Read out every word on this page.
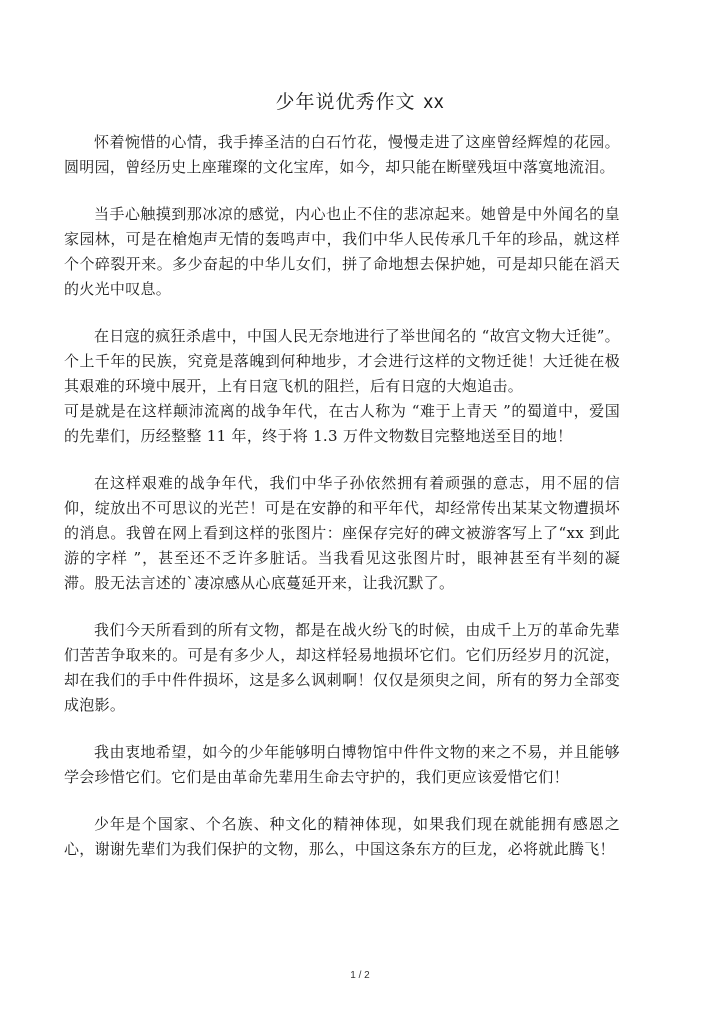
少年说优秀作文 xx

怀着惋惜的心情，我手捧圣洁的白石竹花，慢慢走进了这座曾经辉煌的花园。圆明园，曾经历史上座璀璨的文化宝库，如今，却只能在断壁残垣中落寞地流泪。

当手心触摸到那冰凉的感觉，内心也止不住的悲凉起来。她曾是中外闻名的皇家园林，可是在槍炮声无情的轰鸣声中，我们中华人民传承几千年的珍品，就这样个个碎裂开来。多少奋起的中华儿女们，拼了命地想去保护她，可是却只能在滔天的火光中叹息。

在日寇的疯狂杀虐中，中国人民无奈地进行了举世闻名的 “故宫文物大迁徙”。个上千年的民族，究竟是落魄到何种地步，才会进行这样的文物迁徙！大迁徙在极其艰难的环境中展开，上有日寇飞机的阻拦，后有日寇的大炮追击。

可是就是在这样颠沛流离的战争年代，在古人称为 “难于上青天 ”的蜀道中，爱国的先辈们，历经整整 11 年，终于将 1.3 万件文物数目完整地送至目的地！

在这样艰难的战争年代，我们中华子孙依然拥有着顽强的意志，用不屈的信仰，绽放出不可思议的光芒！可是在安静的和平年代，却经常传出某某文物遭损坏的消息。我曾在网上看到这样的张图片：座保存完好的碑文被游客写上了“xx 到此游的字样 ”，甚至还不乏许多脏话。当我看见这张图片时，眼神甚至有半刻的凝滞。股无法言述的`凄凉感从心底蔓延开来，让我沉默了。

我们今天所看到的所有文物，都是在战火纷飞的时候，由成千上万的革命先辈们苦苦争取来的。可是有多少人，却这样轻易地损坏它们。它们历经岁月的沉淀，却在我们的手中件件损坏，这是多么讽刺啊！仅仅是须臾之间，所有的努力全部变成泡影。

我由衷地希望，如今的少年能够明白博物馆中件件文物的来之不易，并且能够学会珍惜它们。它们是由革命先辈用生命去守护的，我们更应该爱惜它们！

少年是个国家、个名族、种文化的精神体现，如果我们现在就能拥有感恩之心，谢谢先辈们为我们保护的文物，那么，中国这条东方的巨龙，必将就此腾飞！

1 / 2
